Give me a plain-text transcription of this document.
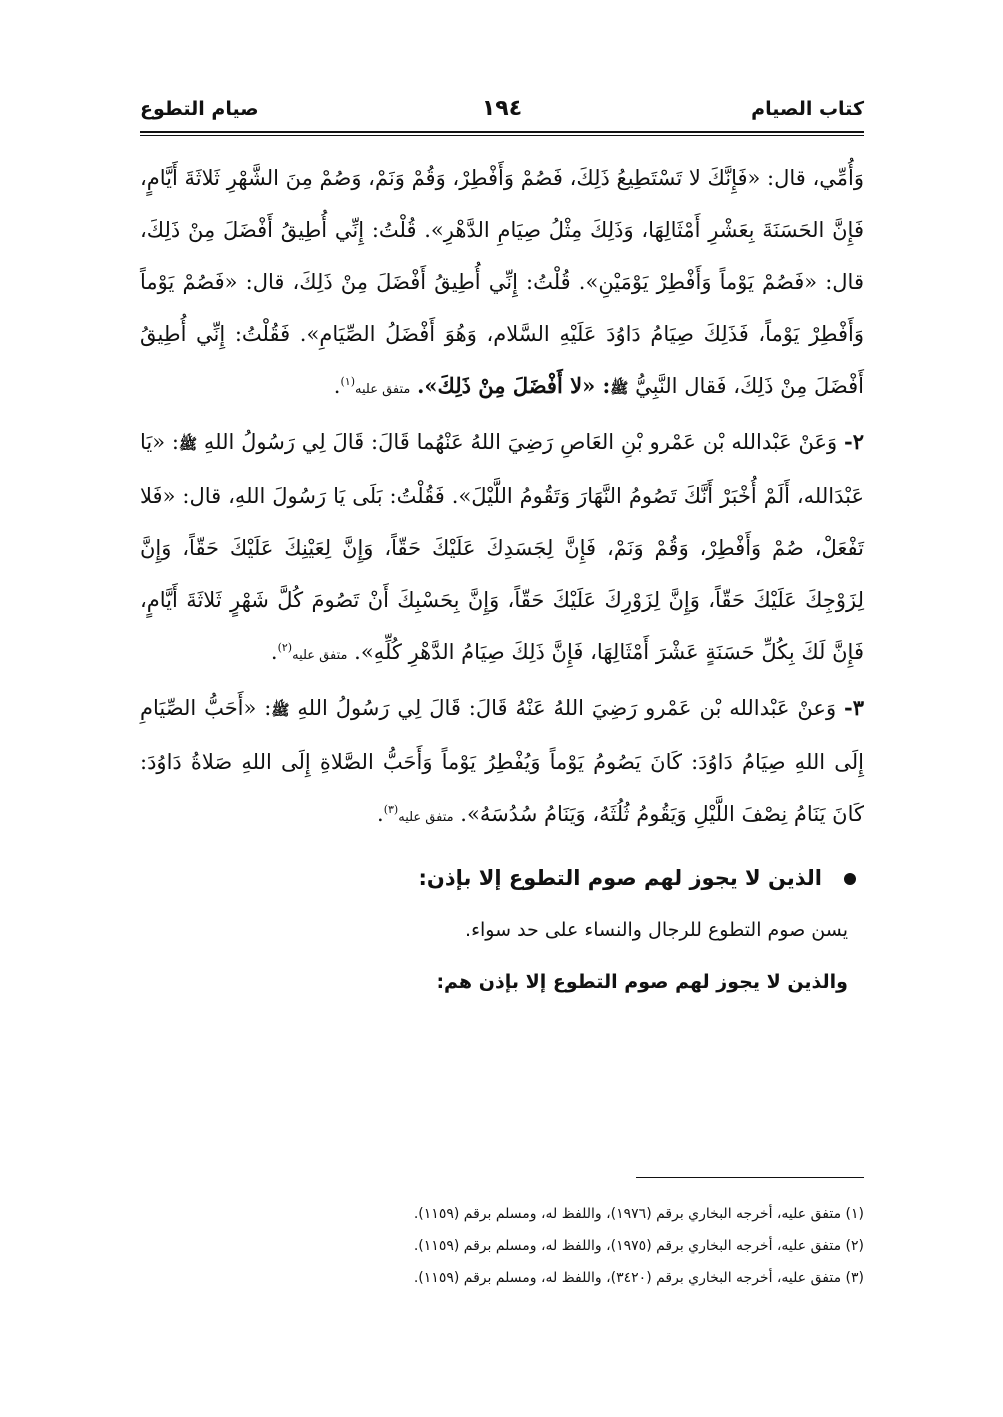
كتاب الصيام
١٩٤
صيام التطوع

وَأُمِّي، قال: «فَإِنَّكَ لا تَسْتَطِيعُ ذَلِكَ، فَصُمْ وَأَفْطِرْ، وَقُمْ وَنَمْ، وَصُمْ مِنَ الشَّهْرِ ثَلاثَةَ أَيَّامٍ، فَإِنَّ الحَسَنَةَ بِعَشْرِ أَمْثَالِهَا، وَذَلِكَ مِثْلُ صِيَامِ الدَّهْرِ». قُلْتُ: إِنِّي أُطِيقُ أَفْضَلَ مِنْ ذَلِكَ، قال: «فَصُمْ يَوْماً وَأَفْطِرْ يَوْمَيْنِ». قُلْتُ: إِنِّي أُطِيقُ أَفْضَلَ مِنْ ذَلِكَ، قال: «فَصُمْ يَوْماً وَأَفْطِرْ يَوْماً، فَذَلِكَ صِيَامُ دَاوُدَ عَلَيْهِ السَّلام، وَهُوَ أَفْضَلُ الصِّيَامِ». فَقُلْتُ: إِنِّي أُطِيقُ أَفْضَلَ مِنْ ذَلِكَ، فَقال النَّبِيُّ ﷺ: «لا أَفْضَلَ مِنْ ذَلِكَ». متفق عليه$^{(١)}$.

٢- وَعَنْ عَبْدالله بْن عَمْرو بْنِ العَاصِ رَضِيَ اللهُ عَنْهُما قَالَ: قَالَ لِي رَسُولُ اللهِ ﷺ: «يَا عَبْدَالله، أَلَمْ أُخْبَرْ أَنَّكَ تَصُومُ النَّهَارَ وَتَقُومُ اللَّيْلَ». فَقُلْتُ: بَلَى يَا رَسُولَ اللهِ، قال: «فَلا تَفْعَلْ، صُمْ وَأَفْطِرْ، وَقُمْ وَنَمْ، فَإِنَّ لِجَسَدِكَ عَلَيْكَ حَقّاً، وَإِنَّ لِعَيْنِكَ عَلَيْكَ حَقّاً، وَإِنَّ لِزَوْجِكَ عَلَيْكَ حَقّاً، وَإِنَّ لِزَوْرِكَ عَلَيْكَ حَقّاً، وَإِنَّ بِحَسْبِكَ أَنْ تَصُومَ كُلَّ شَهْرٍ ثَلاثَةَ أَيَّامٍ، فَإِنَّ لَكَ بِكُلِّ حَسَنَةٍ عَشْرَ أَمْثَالِهَا، فَإِنَّ ذَلِكَ صِيَامُ الدَّهْرِ كُلِّهِ». متفق عليه$^{(٢)}$.

٣- وَعنْ عَبْدالله بْن عَمْرو رَضِيَ اللهُ عَنْهُ قَالَ: قَالَ لِي رَسُولُ اللهِ ﷺ: «أَحَبُّ الصِّيَامِ إِلَى اللهِ صِيَامُ دَاوُدَ: كَانَ يَصُومُ يَوْماً وَيُفْطِرُ يَوْماً وَأَحَبُّ الصَّلاةِ إِلَى اللهِ صَلاةُ دَاوُدَ: كَانَ يَنَامُ نِصْفَ اللَّيْلِ وَيَقُومُ ثُلُثَهُ، وَيَنَامُ سُدُسَهُ». متفق عليه$^{(٣)}$.

الذين لا يجوز لهم صوم التطوع إلا بإذن:

يسن صوم التطوع للرجال والنساء على حد سواء.

والذين لا يجوز لهم صوم التطوع إلا بإذن هم:

(١) متفق عليه، أخرجه البخاري برقم (١٩٧٦)، واللفظ له، ومسلم برقم (١١٥٩).

(٢) متفق عليه، أخرجه البخاري برقم (١٩٧٥)، واللفظ له، ومسلم برقم (١١٥٩).

(٣) متفق عليه، أخرجه البخاري برقم (٣٤٢٠)، واللفظ له، ومسلم برقم (١١٥٩).
